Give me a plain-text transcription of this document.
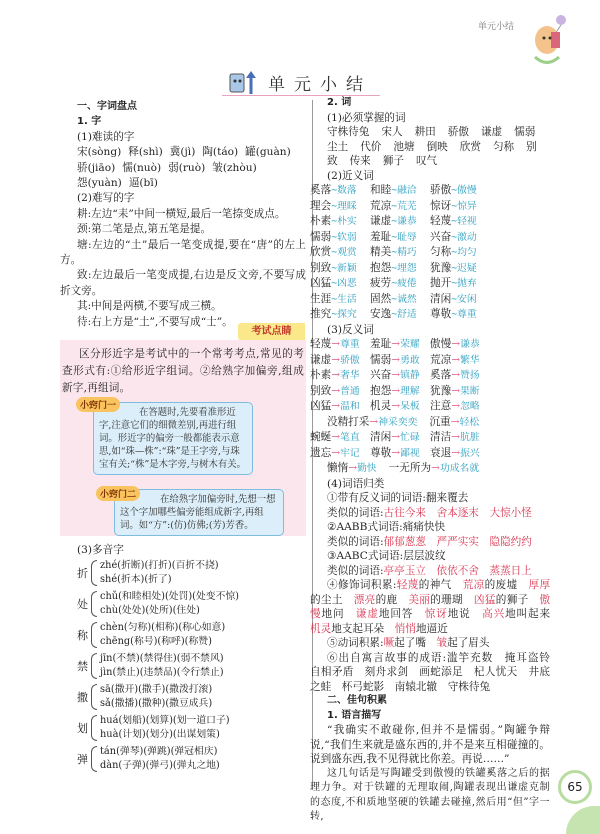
单元小结
单元小结
一、字词盘点
1. 字
(1)难读的字
宋(sòng) 释(shì) 冀(jì) 陶(táo) 罐(guàn)骄(jiāo) 懦(nuò) 弱(ruò) 皱(zhòu)怨(yuàn) 逼(bī)
(2)难写的字
耕:左边“耒”中间一横短,最后一笔捺变成点。
颈:第二笔是点,第五笔是提。
塘:左边的“土”最后一笔变成提,要在“唐”的左上方。
致:左边最后一笔变成提,右边是反文旁,不要写成折文旁。
其:中间是两横,不要写成三横。
待:右上方是“土”,不要写成“士”。
考试点睛
区分形近字是考试中的一个常考考点,常见的考查形式有:①给形近字组词。②给熟字加偏旁,组成新字,再组词。
小窍门一
在答题时,先要看准形近字,注意它们的细微差别,再进行组词。形近字的偏旁一般都能表示意思,如“珠—株”:“珠”是王字旁,与珠宝有关;“株”是木字旁,与树木有关。
小窍门二	在给熟字加偏旁时,先想一想这个字加哪些偏旁能组成新字,再组词。如“方”:(仿)仿佛;(芳)芳香。
(3)多音字
折
zhé(折断)(打折)(百折不挠)
shé(折本)(折了)
处
chǔ(和睦相处)(处罚)(处变不惊)
chù(处处)(处所)(住处)
称
chèn(匀称)(相称)(称心如意)
chēng(称号)(称呼)(称赞)
禁
jīn(不禁)(禁得住)(弱不禁风)
jìn(禁止)(违禁品)(令行禁止)
撒
sā(撒开)(撒手)(撒泼打滚)
sǎ(撒播)(撒种)(撒豆成兵)
划
huá(划船)(划算)(划一道口子)
huà(计划)(划分)(出谋划策)
弹
tán(弹琴)(弹跳)(弹冠相庆)
dàn(子弹)(弹弓)(弹丸之地)
2. 词
(1)必须掌握的词
守株待兔 宋人 耕田 骄傲 谦虚 懦弱尘土 代价 池塘 倒映 欣赏 匀称 别致 传来 狮子 叹气
(2)近义词
奚落~数落	和睦~融洽	骄傲~傲慢
理会~理睬	荒凉~荒芜	惊讶~惊异
朴素~朴实	谦虚~谦恭	轻蔑~轻视
懦弱~软弱	羞耻~耻辱	兴奋~激动
欣赏~观赏	精美~精巧	匀称~均匀
别致~新颖	抱怨~埋怨	犹豫~迟疑
凶猛~凶恶	疲劳~疲倦	抛开~抛弃
生涯~生活	固然~诚然	清闲~安闲
推究~探究	安逸~舒适	尊敬~尊重
(3)反义词
轻蔑→尊重 羞耻→荣耀 傲慢→谦恭
谦虚→骄傲 懦弱→勇敢 荒凉→繁华
朴素→奢华 兴奋→镇静 奚落→赞扬
别致→普通 抱怨→理解 犹豫→果断
凶猛→温和 机灵→呆板 注意→忽略
没精打采→神采奕奕 沉重→轻松
蜿蜒→笔直 清闲→忙碌 清洁→肮脏
遗忘→牢记 尊敬→鄙视 衰退→振兴
懒惰→勤快 一无所为→功成名就
(4)词语归类
①带有反义词的词语:翻来覆去
类似的词语:古往今来　舍本逐末　大惊小怪
②AABB式词语:痛痛快快
类似的词语:郁郁葱葱　严严实实　隐隐约约
③AABC式词语:层层波纹
类似的词语:亭亭玉立　依依不舍　蒸蒸日上
④修饰词积累:轻蔑的神气　荒凉的废墟　厚厚的尘土　漂亮的鹿　美丽的珊瑚　凶猛的狮子　傲慢地问　谦虚地回答　惊讶地说　高兴地叫起来　机灵地支起耳朵　悄悄地逼近
⑤动词积累:噘起了嘴　皱起了眉头
⑥出自寓言故事的成语:滥竽充数　掩耳盗铃　自相矛盾　刻舟求剑　画蛇添足　杞人忧天　井底之蛙　杯弓蛇影　南辕北辙　守株待兔
二、佳句积累
1. 语言描写
“我确实不敢碰你,但并不是懦弱。”陶罐争辩说,“我们生来就是盛东西的,并不是来互相碰撞的。说到盛东西,我不见得就比你差。再说……”
这几句话是写陶罐受到傲慢的铁罐奚落之后的据理力争。对于铁罐的无理取闹,陶罐表现出谦虚克制的态度,不和质地坚硬的铁罐去碰撞,然后用“但”字一转,
65
